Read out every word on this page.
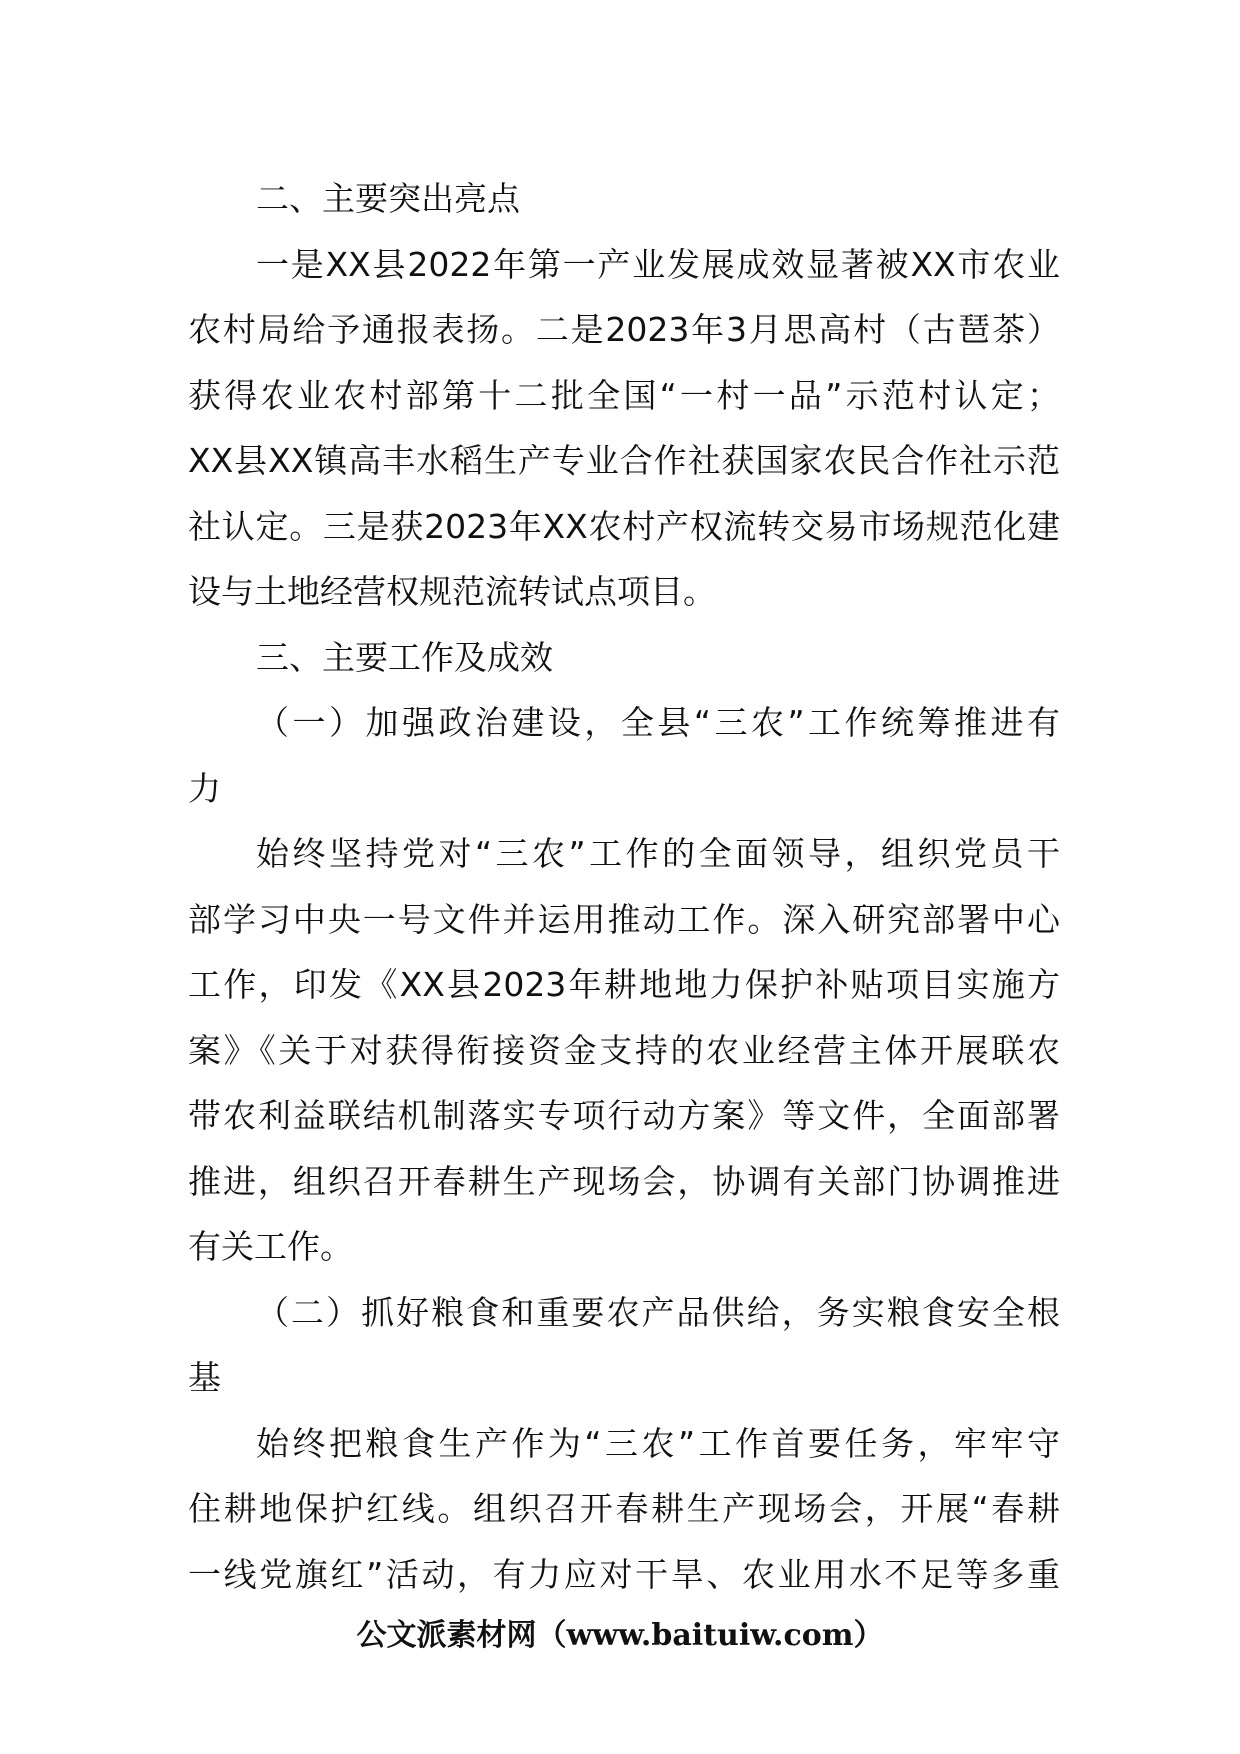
二、主要突出亮点
一是XX县2022年第一产业发展成效显著被XX市农业
农村局给予通报表扬。二是2023年3月思高村（古琶茶）
获得农业农村部第十二批全国“一村一品”示范村认定；
XX县XX镇高丰水稻生产专业合作社获国家农民合作社示范
社认定。三是获2023年XX农村产权流转交易市场规范化建
设与土地经营权规范流转试点项目。
三、主要工作及成效
（一）加强政治建设，全县“三农”工作统筹推进有
力
始终坚持党对“三农”工作的全面领导，组织党员干
部学习中央一号文件并运用推动工作。深入研究部署中心
工作，印发《XX县2023年耕地地力保护补贴项目实施方
案》《关于对获得衔接资金支持的农业经营主体开展联农
带农利益联结机制落实专项行动方案》等文件，全面部署
推进，组织召开春耕生产现场会，协调有关部门协调推进
有关工作。
（二）抓好粮食和重要农产品供给，务实粮食安全根
基
始终把粮食生产作为“三农”工作首要任务，牢牢守
住耕地保护红线。组织召开春耕生产现场会，开展“春耕
一线党旗红”活动，有力应对干旱、农业用水不足等多重
公文派素材网（www.baituiw.com）
